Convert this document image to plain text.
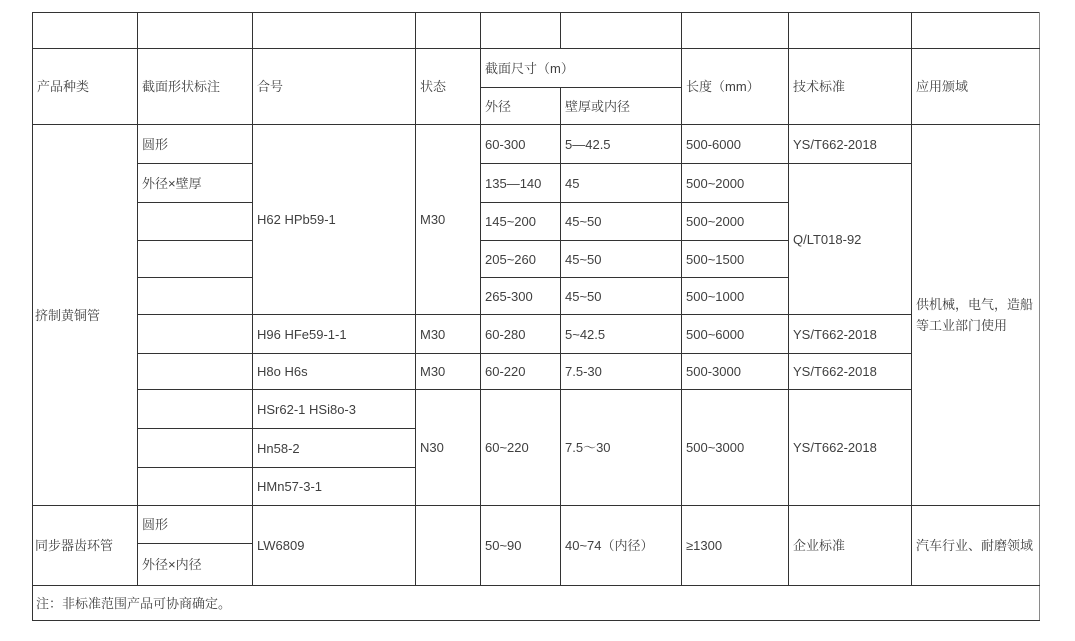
产品种类	截面形状标注	合号	状态	截面尺寸（m）		长度（mm）	技术标准	应用颁域
				外径	壁厚或内径			
挤制黄铜管	圆形	H62 HPb59-1	M30	60-300	5—42.5	500-6000	YS/T662-2018	供机械，电气，造船等工业部门使用
	外径×壁厚			135—140	45	500~2000	Q/LT018-92	
				145~200	45~50	500~2000		
				205~260	45~50	500~1500		
				265-300	45~50	500~1000		
		H96 HFe59-1-1	M30	60-280	5~42.5	500~6000	YS/T662-2018	
		H8o H6s	M30	60-220	7.5-30	500-3000	YS/T662-2018	
		HSr62-1 HSi8o-3	N30	60~220	7.5～30	500~3000	YS/T662-2018	
		Hn58-2						
		HMn57-3-1						
同步器齿环管	圆形	LW6809		50~90	40~74（内径）	≥1300	企业标准	汽车行业、耐磨领域
	外径×内径							
注：非标准范围产品可协商确定。								
